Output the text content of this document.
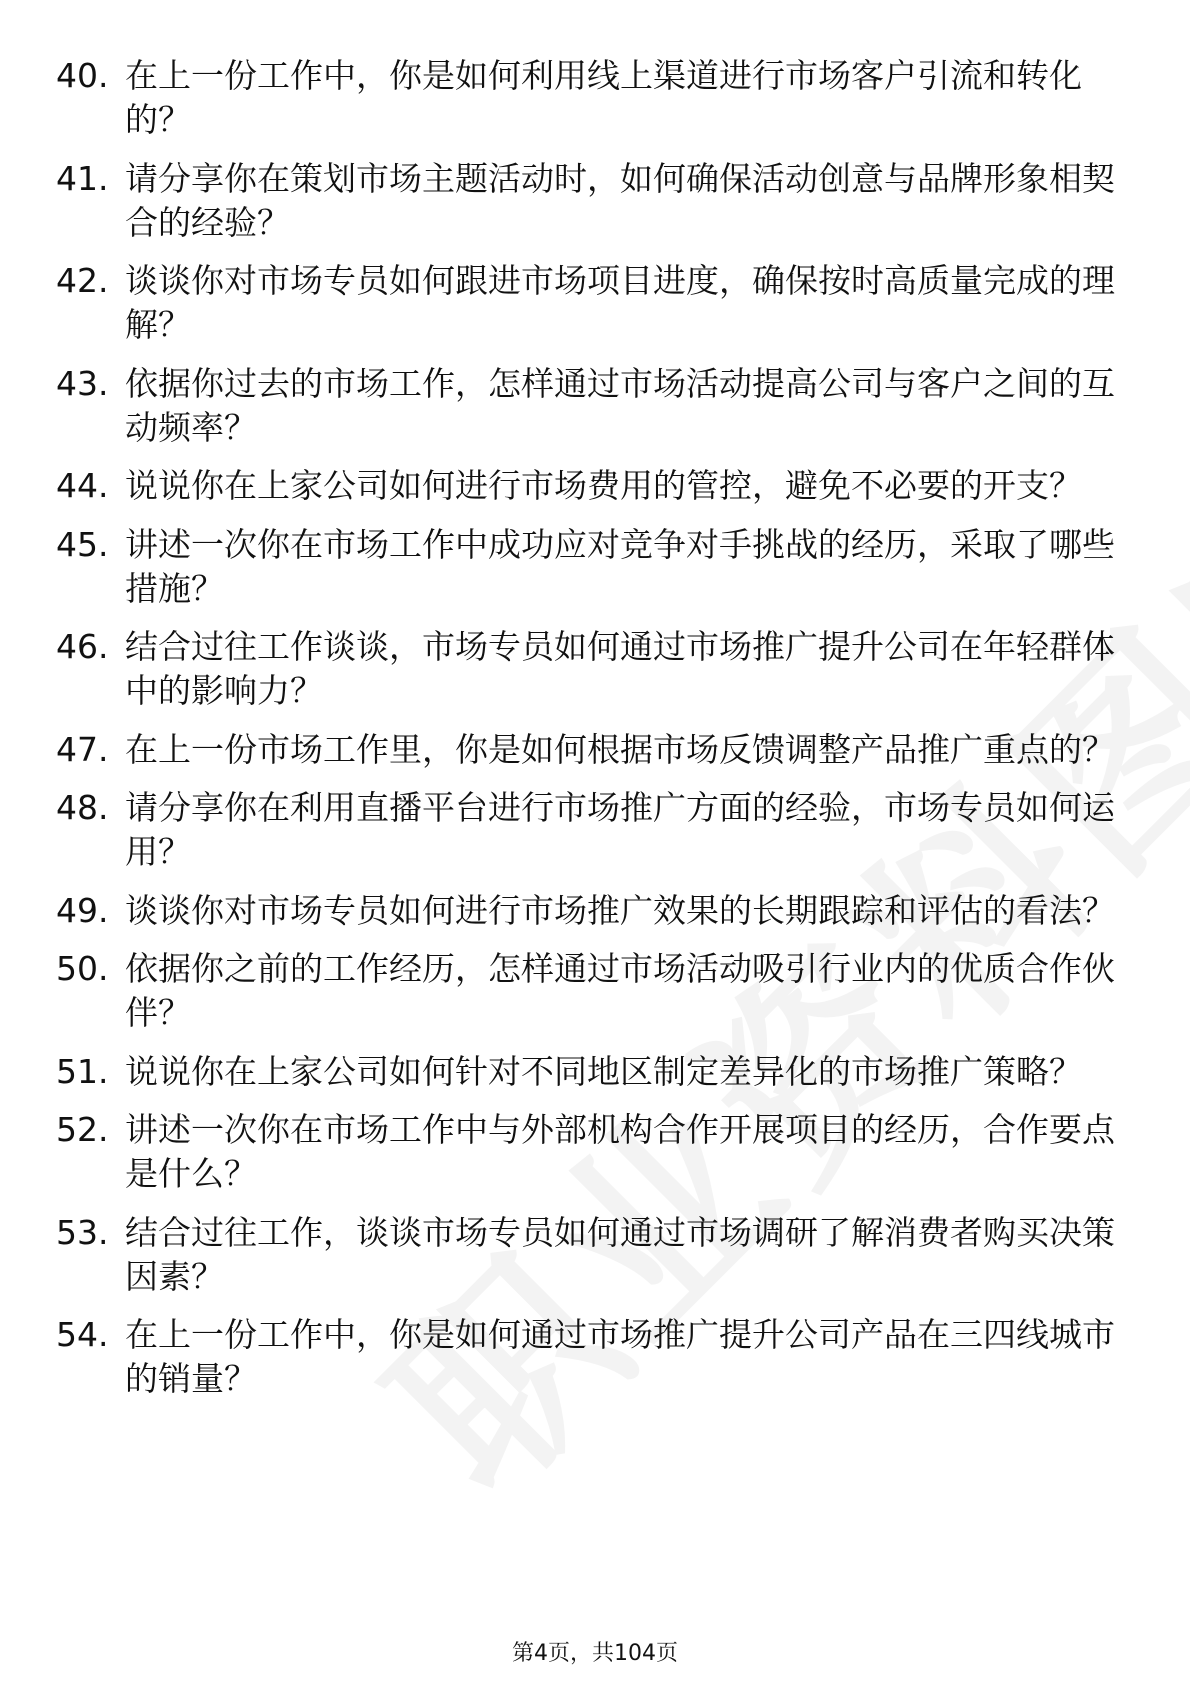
40. 在上一份工作中，你是如何利用线上渠道进行市场客户引流和转化的？
41. 请分享你在策划市场主题活动时，如何确保活动创意与品牌形象相契合的经验？
42. 谈谈你对市场专员如何跟进市场项目进度，确保按时高质量完成的理解？
43. 依据你过去的市场工作，怎样通过市场活动提高公司与客户之间的互动频率？
44. 说说你在上家公司如何进行市场费用的管控，避免不必要的开支？
45. 讲述一次你在市场工作中成功应对竞争对手挑战的经历，采取了哪些措施？
46. 结合过往工作谈谈，市场专员如何通过市场推广提升公司在年轻群体中的影响力？
47. 在上一份市场工作里，你是如何根据市场反馈调整产品推广重点的？
48. 请分享你在利用直播平台进行市场推广方面的经验，市场专员如何运用？
49. 谈谈你对市场专员如何进行市场推广效果的长期跟踪和评估的看法？
50. 依据你之前的工作经历，怎样通过市场活动吸引行业内的优质合作伙伴？
51. 说说你在上家公司如何针对不同地区制定差异化的市场推广策略？
52. 讲述一次你在市场工作中与外部机构合作开展项目的经历，合作要点是什么？
53. 结合过往工作，谈谈市场专员如何通过市场调研了解消费者购买决策因素？
54. 在上一份工作中，你是如何通过市场推广提升公司产品在三四线城市的销量？
第4页，共104页
